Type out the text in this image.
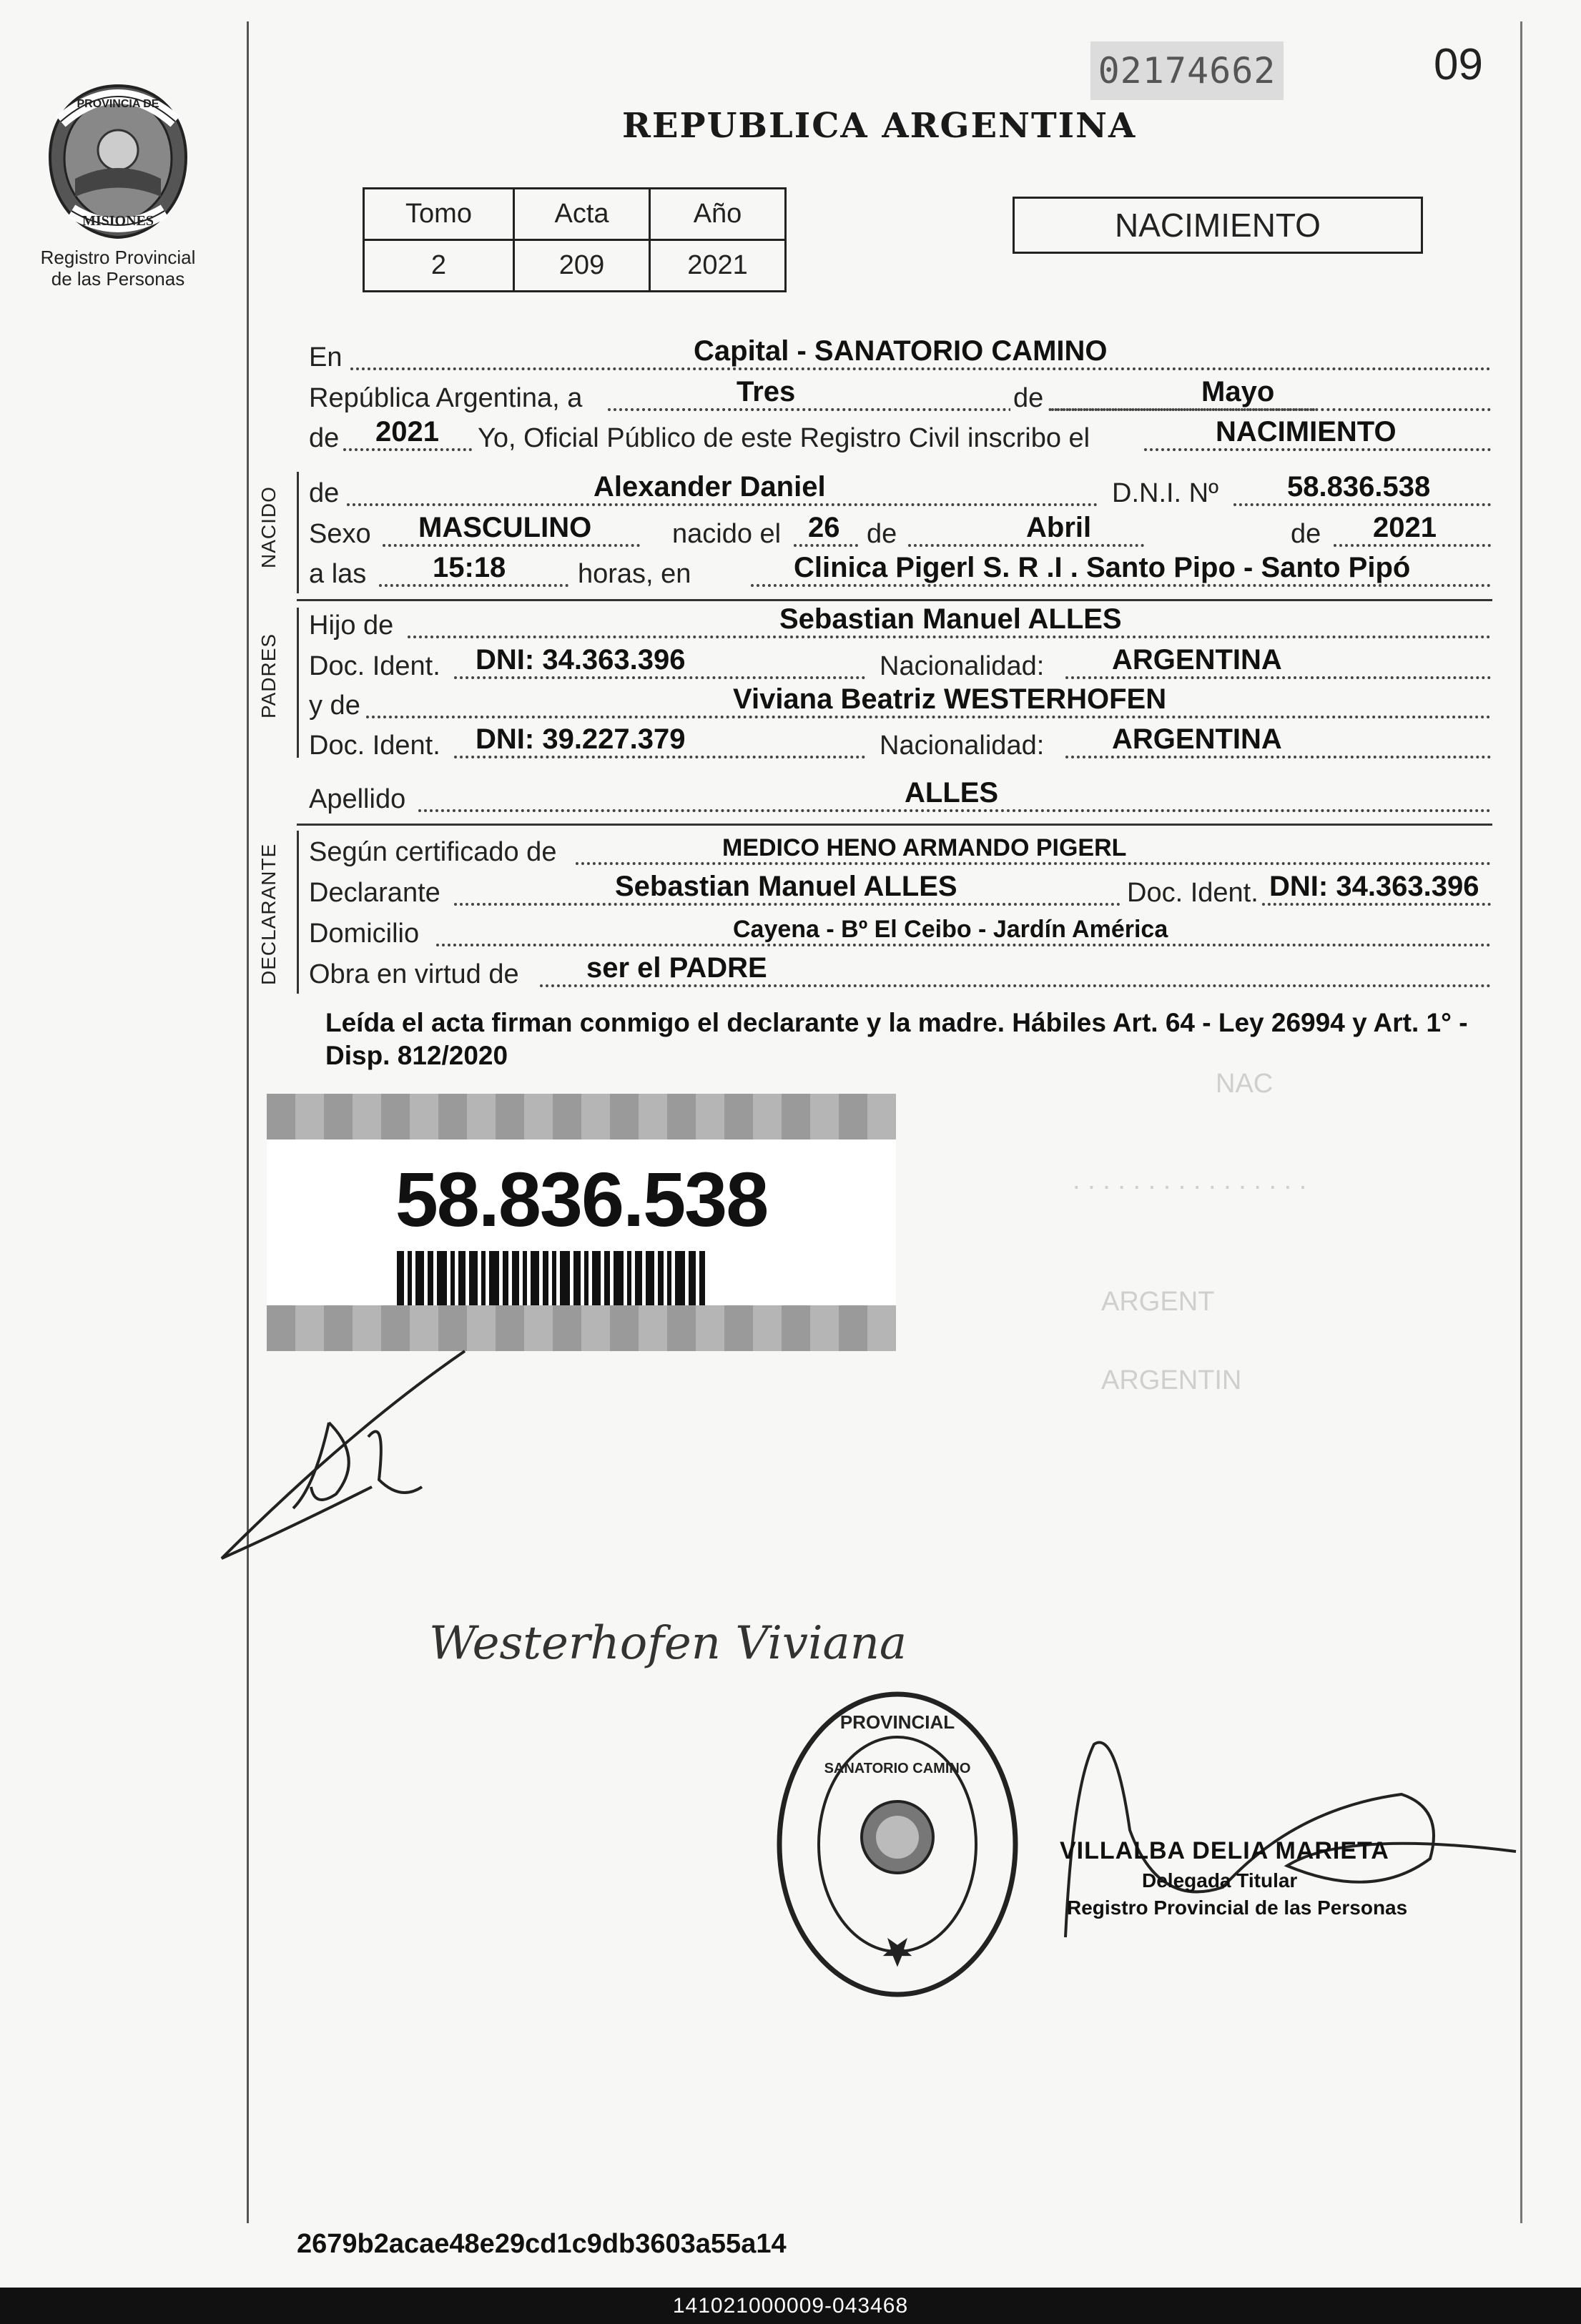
PROVINCIA DE
MISIONES
Registro Provincial
de las Personas
02174662	09
REPUBLICA ARGENTINA
Tomo	Acta	Año
2	209	2021
NACIMIENTO
En	Capital - SANATORIO CAMINO
República Argentina, a	Tres	de	Mayo
de 2021 Yo, Oficial Público de este Registro Civil inscribo el	NACIMIENTO
NACIDO de	Alexander Daniel	D.N.I. Nº 58.836.538
Sexo MASCULINO	nacido el 26 de	Abril	de 2021
a las 15:18	horas, en	Clinica Pigerl S. R .I . Santo Pipo - Santo Pipó
PADRES
Hijo de	Sebastian Manuel ALLES
Doc. Ident. DNI: 34.363.396	Nacionalidad: ARGENTINA
y de	Viviana Beatriz WESTERHOFEN
Doc. Ident. DNI: 39.227.379	Nacionalidad: ARGENTINA
Apellido	ALLES
DECLARANTE Según certificado de	MEDICO HENO ARMANDO PIGERL
Declarante	Sebastian Manuel ALLES	Doc. Ident. DNI: 34.363.396
Domicilio	Cayena - Bº El Ceibo - Jardín América
Obra en virtud de ser el PADRE
Leída el acta firman conmigo el declarante y la madre. Hábiles Art. 64 - Ley 26994 y Art. 1° - Disp. 812/2020
NAC
. . . . . . . . . . . . . . . .
ARGENT
ARGENTIN
58.836.538
Westerhofen Viviana
PROVINCIAL
SANATORIO CAMINO
VILLALBA DELIA MARIETA
Delegada Titular
Registro Provincial de las Personas
2679b2acae48e29cd1c9db3603a55a14
141021000009-043468
